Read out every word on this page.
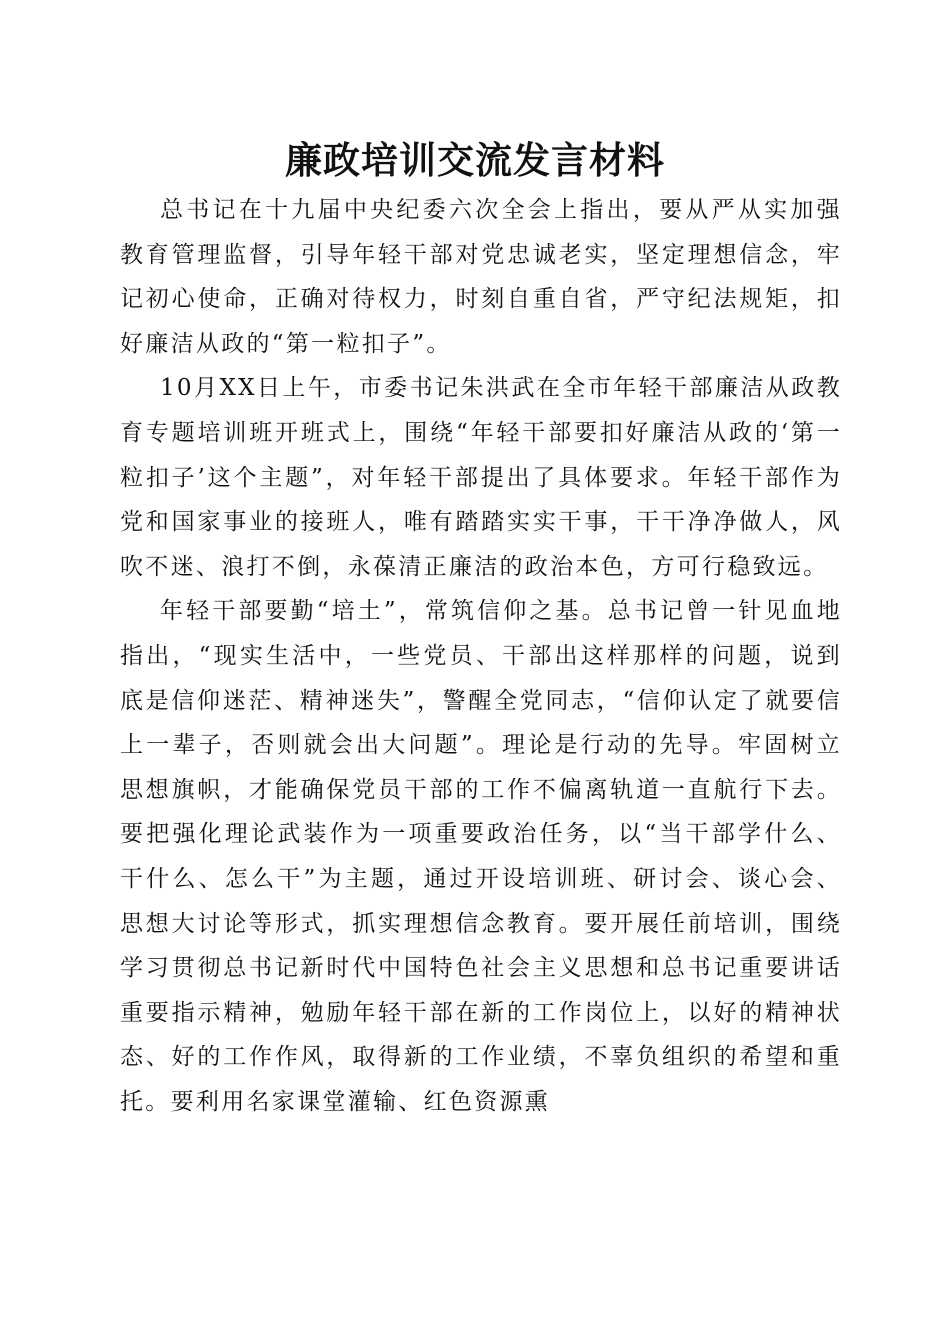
廉政培训交流发言材料

总书记在十九届中央纪委六次全会上指出，要从严从实加强教育管理监督，引导年轻干部对党忠诚老实，坚定理想信念，牢记初心使命，正确对待权力，时刻自重自省，严守纪法规矩，扣好廉洁从政的“第一粒扣子”。

10月XX日上午，市委书记朱洪武在全市年轻干部廉洁从政教育专题培训班开班式上，围绕“年轻干部要扣好廉洁从政的‘第一粒扣子’这个主题”，对年轻干部提出了具体要求。年轻干部作为党和国家事业的接班人，唯有踏踏实实干事，干干净净做人，风吹不迷、浪打不倒，永葆清正廉洁的政治本色，方可行稳致远。

年轻干部要勤“培土”，常筑信仰之基。总书记曾一针见血地指出，“现实生活中，一些党员、干部出这样那样的问题，说到底是信仰迷茫、精神迷失”，警醒全党同志，“信仰认定了就要信上一辈子，否则就会出大问题”。理论是行动的先导。牢固树立思想旗帜，才能确保党员干部的工作不偏离轨道一直航行下去。要把强化理论武装作为一项重要政治任务，以“当干部学什么、干什么、怎么干”为主题，通过开设培训班、研讨会、谈心会、思想大讨论等形式，抓实理想信念教育。要开展任前培训，围绕学习贯彻总书记新时代中国特色社会主义思想和总书记重要讲话重要指示精神，勉励年轻干部在新的工作岗位上，以好的精神状态、好的工作作风，取得新的工作业绩，不辜负组织的希望和重托。要利用名家课堂灌输、红色资源熏
